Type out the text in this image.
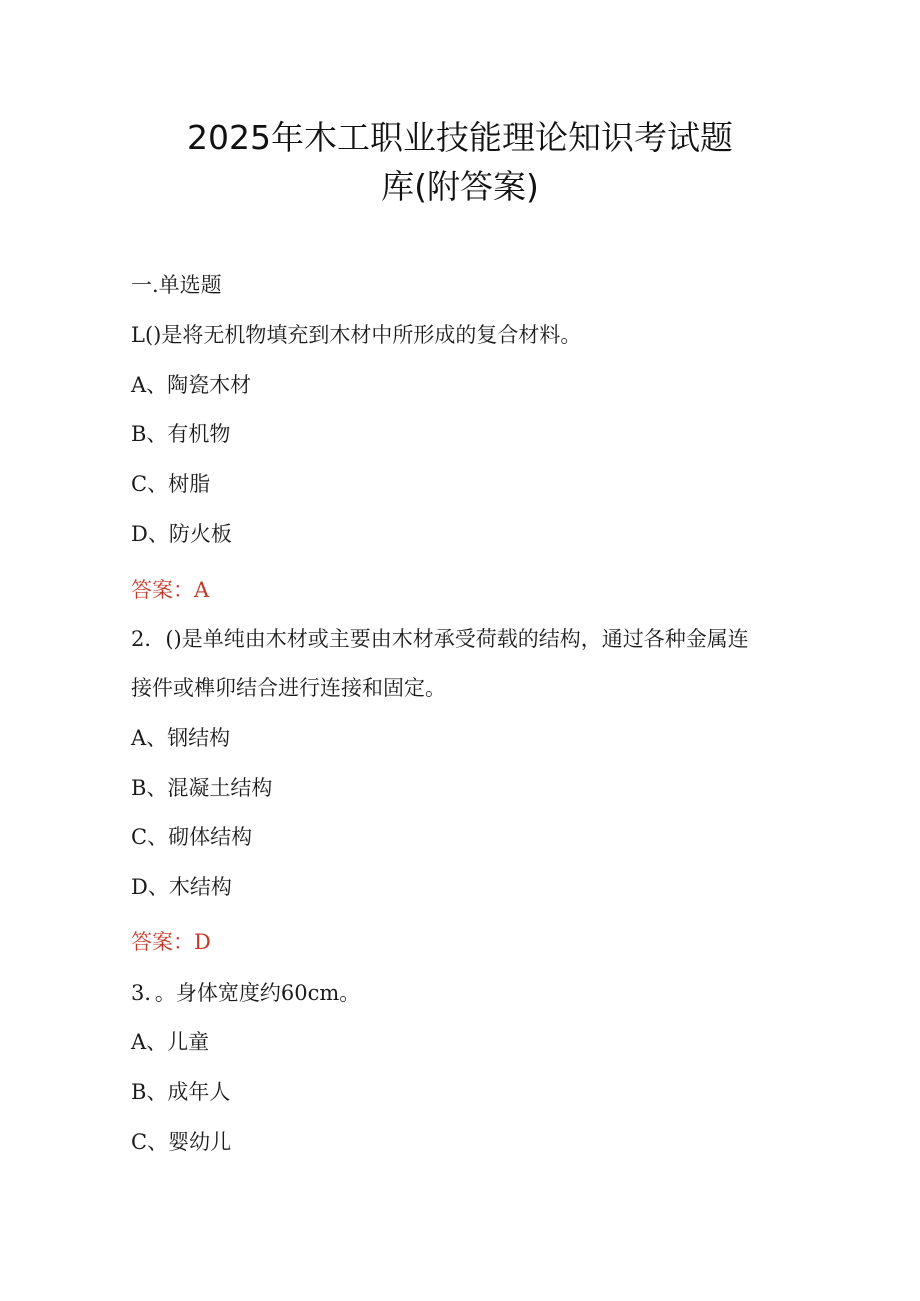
2025年木工职业技能理论知识考试题
库(附答案)
一.单选题
L()是将无机物填充到木材中所形成的复合材料。
A、陶瓷木材
B、有机物
C、树脂
D、防火板
答案：A
2．()是单纯由木材或主要由木材承受荷载的结构，通过各种金属连
接件或榫卯结合进行连接和固定。
A、钢结构
B、混凝土结构
C、砌体结构
D、木结构
答案：D
3．。身体宽度约60cm。
A、儿童
B、成年人
C、婴幼儿
